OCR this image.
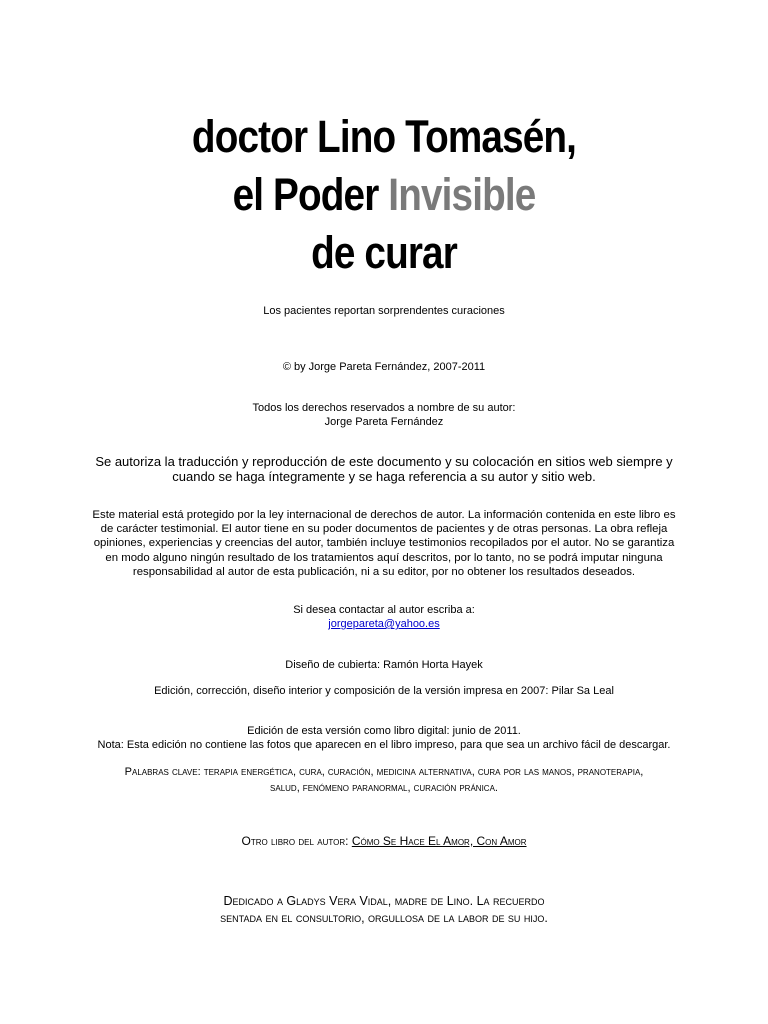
doctor Lino Tomasén,
el Poder Invisible
de curar
Los pacientes reportan sorprendentes curaciones
© by Jorge Pareta Fernández, 2007-2011
Todos los derechos reservados a nombre de su autor:
Jorge Pareta Fernández
Se autoriza la traducción y reproducción de este documento y su colocación en sitios web siempre y
cuando se haga íntegramente y se haga referencia a su autor y sitio web.
Este material está protegido por la ley internacional de derechos de autor. La información contenida en este libro es
de carácter testimonial. El autor tiene en su poder documentos de pacientes y de otras personas. La obra refleja
opiniones, experiencias y creencias del autor, también incluye testimonios recopilados por el autor. No se garantiza
en modo alguno ningún resultado de los tratamientos aquí descritos, por lo tanto, no se podrá imputar ninguna
responsabilidad al autor de esta publicación, ni a su editor, por no obtener los resultados deseados.
Si desea contactar al autor escriba a:
jorgepareta@yahoo.es
Diseño de cubierta: Ramón Horta Hayek
Edición, corrección, diseño interior y composición de la versión impresa en 2007: Pilar Sa Leal
Edición de esta versión como libro digital: junio de 2011.
Nota: Esta edición no contiene las fotos que aparecen en el libro impreso, para que sea un archivo fácil de descargar.
Palabras clave: terapia energética, cura, curación, medicina alternativa, cura por las manos, pranoterapia,
salud, fenómeno paranormal, curación pránica.
Otro libro del autor: Cómo Se Hace El Amor, Con Amor
Dedicado a Gladys Vera Vidal, madre de Lino. La recuerdo
sentada en el consultorio, orgullosa de la labor de su hijo.
